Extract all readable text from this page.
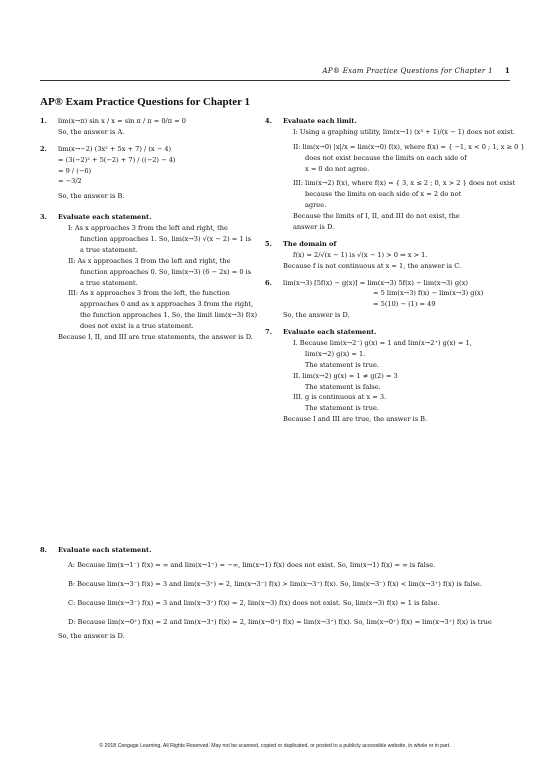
AP® Exam Practice Questions for Chapter 1 1
AP® Exam Practice Questions for Chapter 1
1. lim(x→π) sin x / x = sin π / π = 0/π = 0
So, the answer is A.
2. lim(x→−2) (3x² + 5x + 7) / (x − 4)
= (3(−2)² + 5(−2) + 7) / ((−2) − 4)
= 9 / (−6)
= −3/2
So, the answer is B.
3. Evaluate each statement.
I: As x approaches 3 from the left and right, the
function approaches 1. So, lim(x→3) √(x − 2) = 1 is
a true statement.
II: As x approaches 3 from the left and right, the
function approaches 0. So, lim(x→3) (6 − 2x) = 0 is
a true statement.
III: As x approaches 3 from the left, the function
approaches 0 and as x approaches 3 from the right,
the function approaches 1. So, the limit lim(x→3) f(x)
does not exist is a true statement.
Because I, II, and III are true statements, the answer is D.
4. Evaluate each limit.
I: Using a graphing utility, lim(x→1) (x³ + 1)/(x − 1) does not exist.
II: lim(x→0) |x|/x = lim(x→0) f(x), where f(x) = { −1, x < 0 ; 1, x ≥ 0 }
does not exist because the limits on each side of
x = 0 do not agree.
III: lim(x→2) f(x), where f(x) = { 3, x ≤ 2 ; 0, x > 2 } does not exist
because the limits on each side of x = 2 do not
agree.
Because the limits of I, II, and III do not exist, the
answer is D.
5. The domain of
f(x) = 2/√(x − 1) is √(x − 1) > 0 ⇒ x > 1.
Because f is not continuous at x = 1, the answer is C.
6. lim(x→3) [5f(x) − g(x)] = lim(x→3) 5f(x) − lim(x→3) g(x)
= 5 lim(x→3) f(x) − lim(x→3) g(x)
= 5(10) − (1) = 49
So, the answer is D.
7. Evaluate each statement.
I. Because lim(x→2⁻) g(x) = 1 and lim(x→2⁺) g(x) = 1,
lim(x→2) g(x) = 1.
The statement is true.
II. lim(x→2) g(x) = 1 ≠ g(2) = 3
The statement is false.
III. g is continuous at x = 3.
The statement is true.
Because I and III are true, the answer is B.
8. Evaluate each statement.
A: Because lim(x→1⁻) f(x) = ∞ and lim(x→1⁺) = −∞, lim(x→1) f(x) does not exist. So, lim(x→1) f(x) = ∞ is false.
B: Because lim(x→3⁻) f(x) = 3 and lim(x→3⁺) = 2, lim(x→3⁻) f(x) > lim(x→3⁺) f(x). So, lim(x→3⁻) f(x) < lim(x→3⁺) f(x) is false.
C: Because lim(x→3⁻) f(x) = 3 and lim(x→3⁺) f(x) = 2, lim(x→3) f(x) does not exist. So, lim(x→3) f(x) = 1 is false.
D: Because lim(x→0⁺) f(x) = 2 and lim(x→3⁺) f(x) = 2, lim(x→0⁺) f(x) = lim(x→3⁺) f(x). So, lim(x→0⁺) f(x) = lim(x→3⁺) f(x) is true
So, the answer is D.
© 2018 Cengage Learning. All Rights Reserved. May not be scanned, copied or duplicated, or posted to a publicly accessible website, in whole or in part.
